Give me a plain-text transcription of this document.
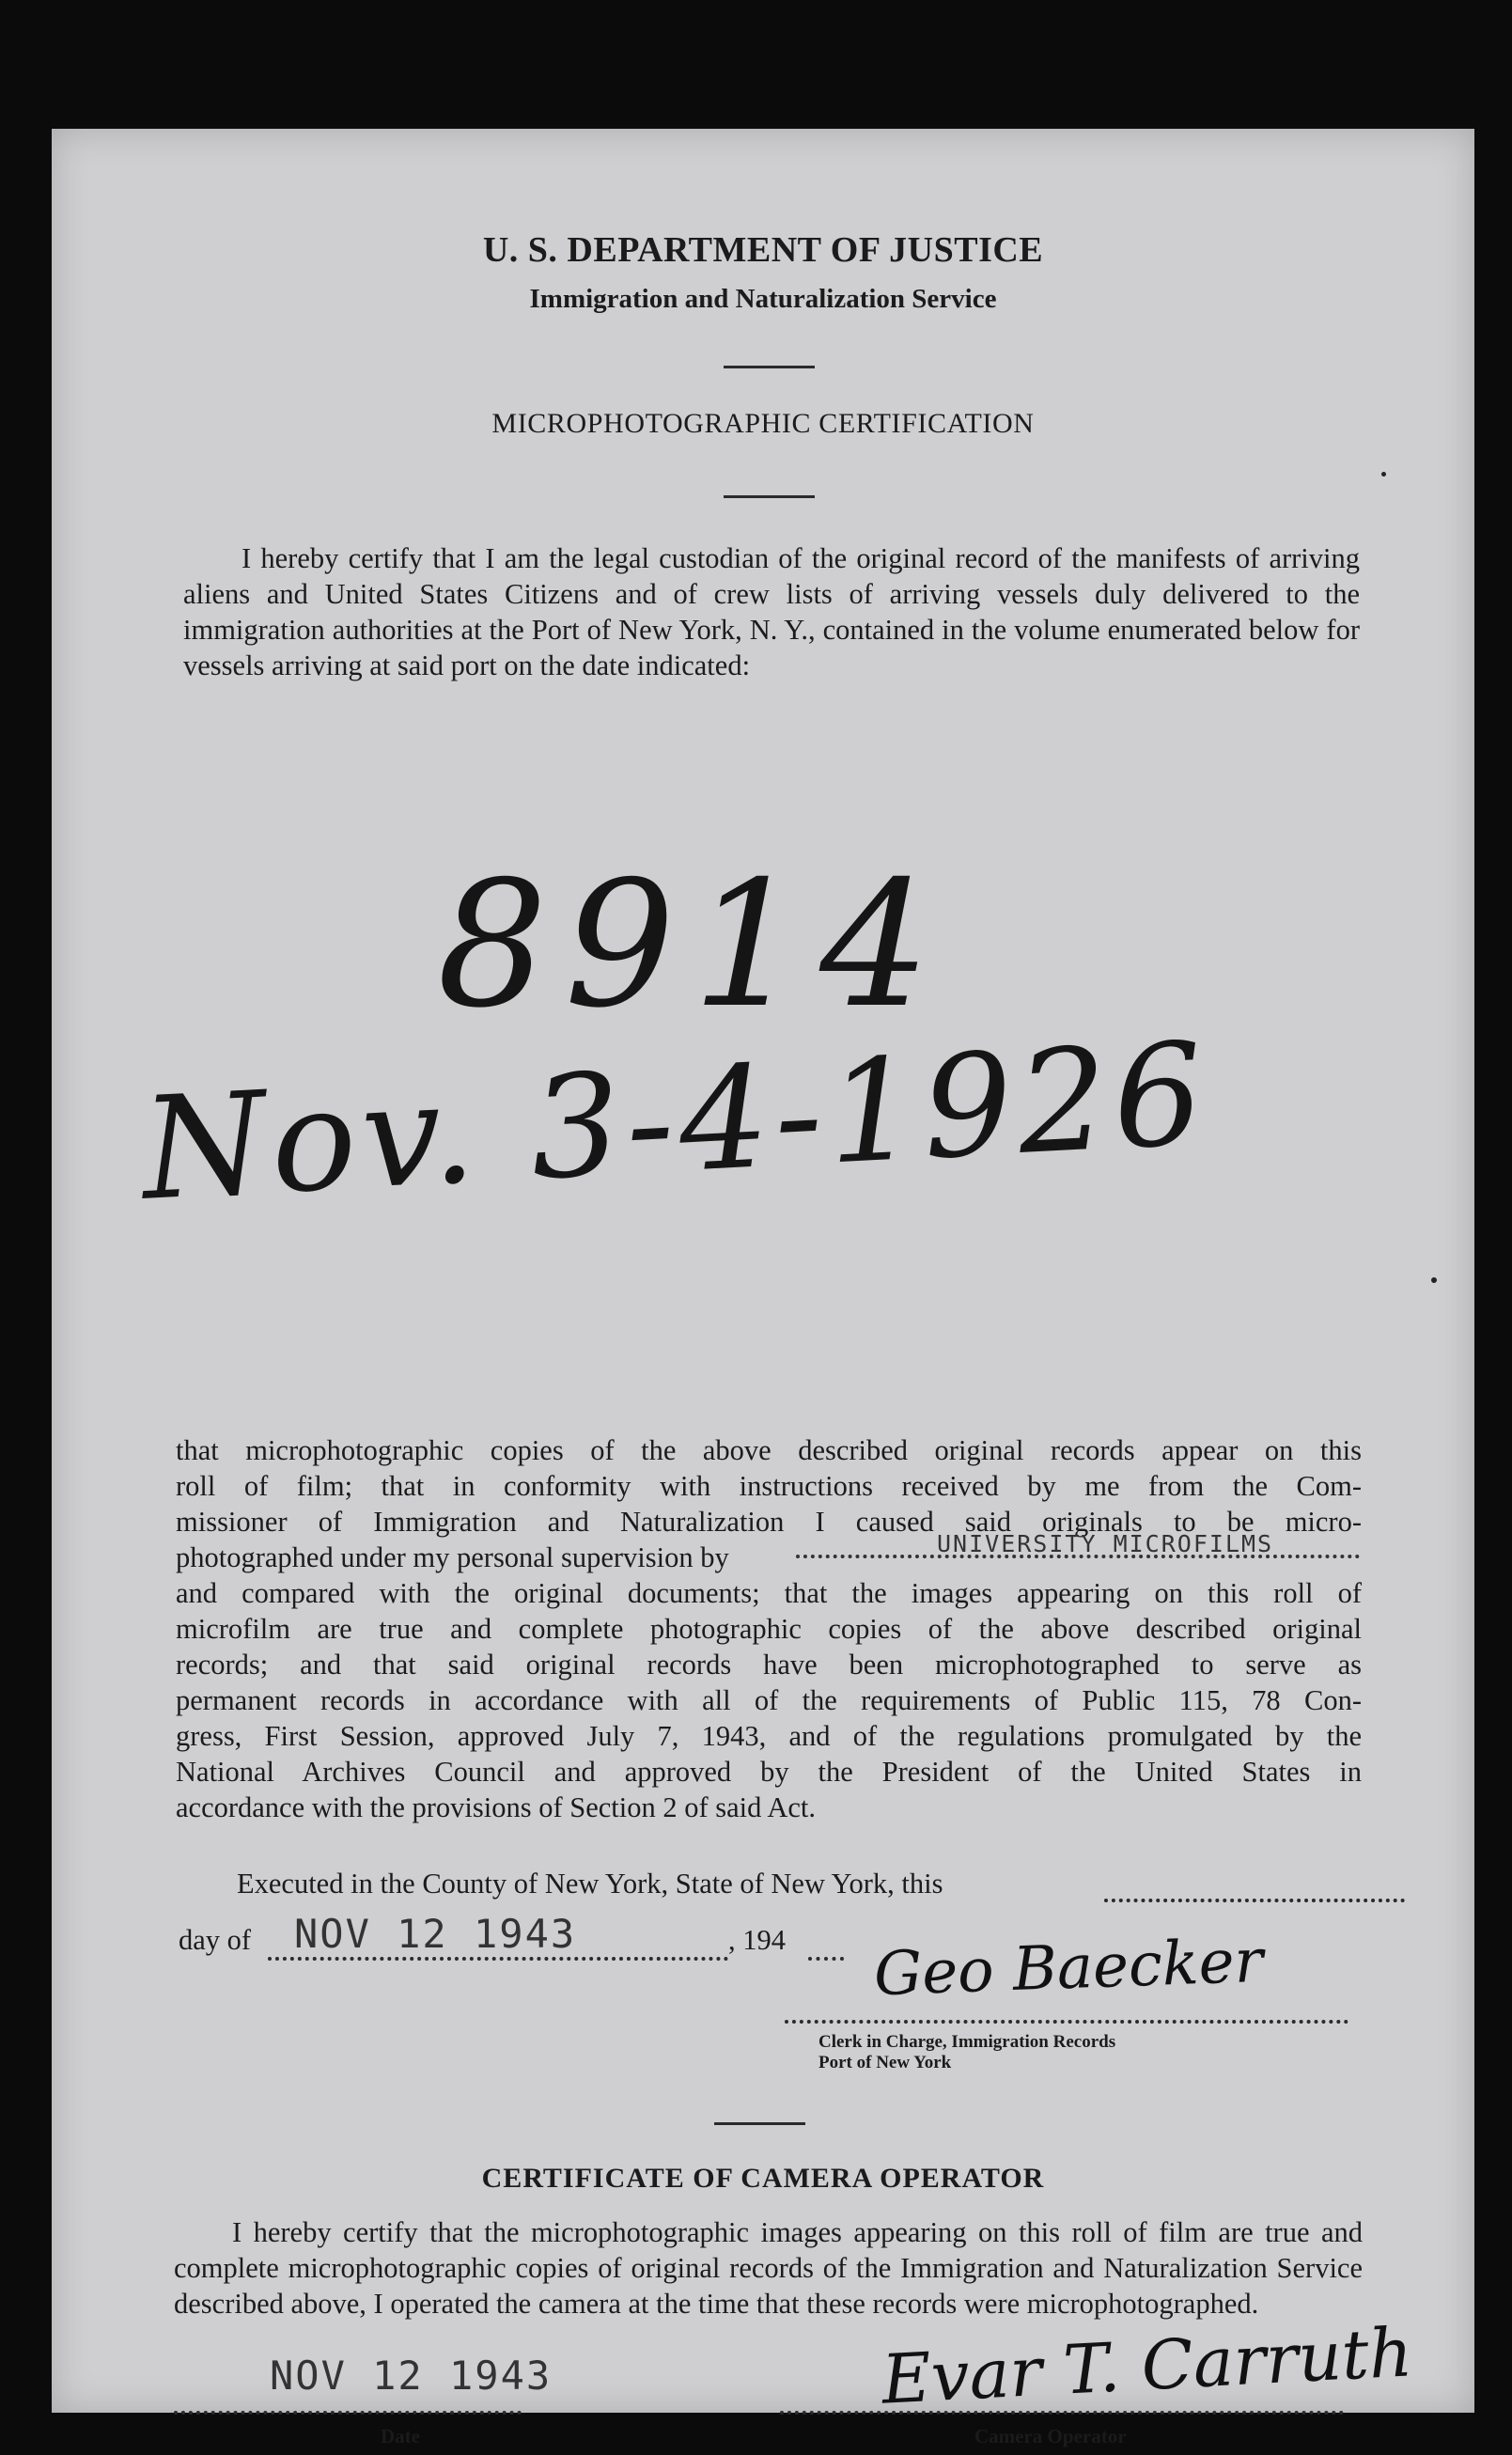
U. S. DEPARTMENT OF JUSTICE
Immigration and Naturalization Service
MICROPHOTOGRAPHIC CERTIFICATION
I hereby certify that I am the legal custodian of the original record of the manifests of arriving aliens and United States Citizens and of crew lists of arriving vessels duly delivered to the immigration authorities at the Port of New York, N. Y., contained in the volume enumerated below for vessels arriving at said port on the date indicated:
8914
Nov. 3-4-1926
that microphotographic copies of the above described original records appear on this
roll of film; that in conformity with instructions received by me from the Com-
missioner of Immigration and Naturalization I caused said originals to be micro-
photographed under my personal supervision by	UNIVERSITY MICROFILMS
and compared with the original documents; that the images appearing on this roll of
microfilm are true and complete photographic copies of the above described original
records; and that said original records have been microphotographed to serve as
permanent records in accordance with all of the requirements of Public 115, 78 Con-
gress, First Session, approved July 7, 1943, and of the regulations promulgated by the
National Archives Council and approved by the President of the United States in
accordance with the provisions of Section 2 of said Act.
Executed in the County of New York, State of New York, this
day of	, 194
NOV 12 1943	Geo Baecker
Clerk in Charge, Immigration Records
Port of New York
CERTIFICATE OF CAMERA OPERATOR
I hereby certify that the microphotographic images appearing on this roll of film are true and complete microphotographic copies of original records of the Immigration and Naturalization Service described above, I operated the camera at the time that these records were microphotographed.
NOV 12 1943	Evar T. Carruth
Date	Camera Operator
